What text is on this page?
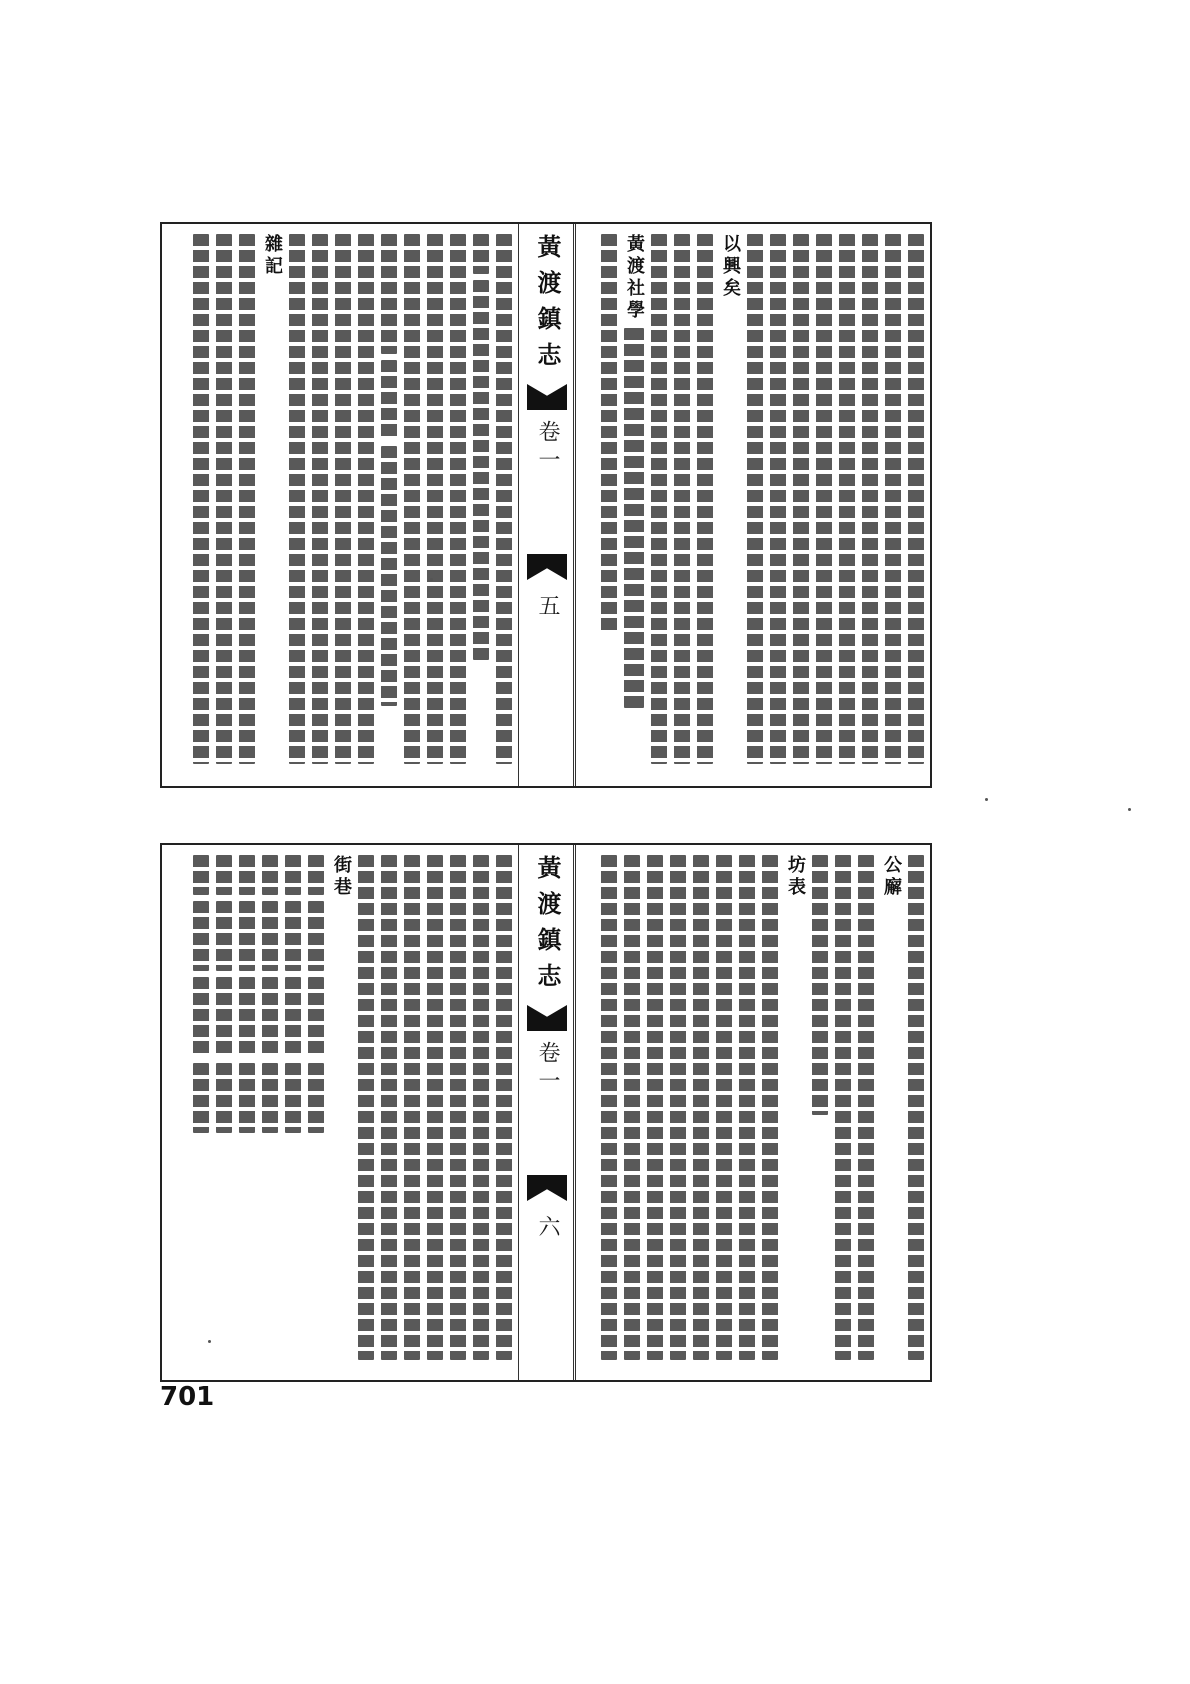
雜記	黃渡鎮志
卷一
五
以興矣
黃渡社學
街巷	黃渡鎮志
卷一
六
公廨
坊表
701
